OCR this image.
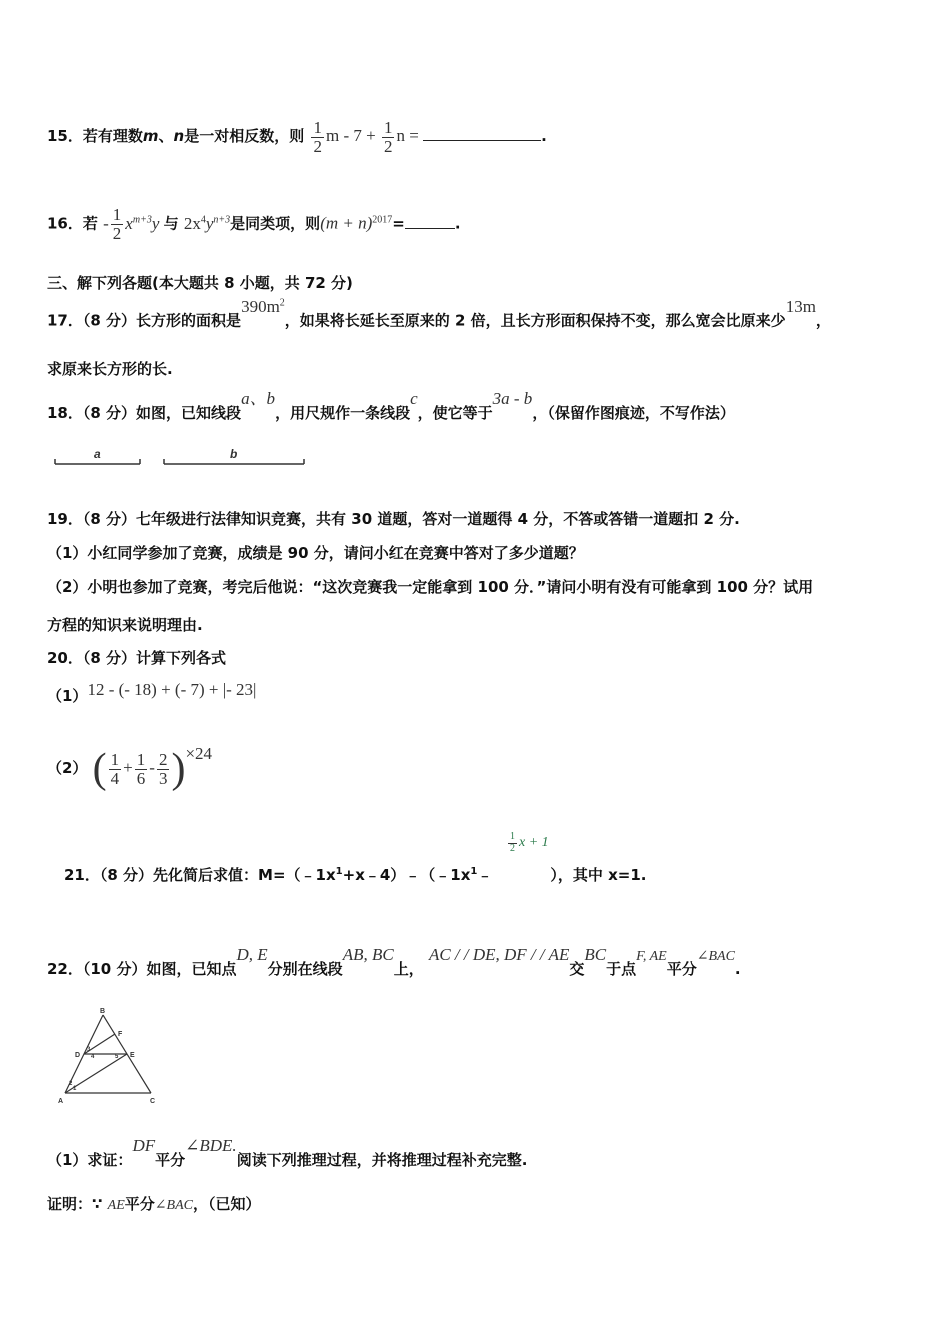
15．若有理数m、n是一对相反数，则 $\frac{1}{2}$ $m - 7 + \frac{1}{2}$ n =	.
16．若 - $\frac{1}{2} x^{m+3}y$ 与 $2x^4y^{n+3}$是同类项，则$(m + n)^{2017}=$	.
三、解下列各题(本大题共 8 小题，共 72 分)
17．（8 分）长方形的面积是$390m^2$，如果将长延长至原来的 2 倍，且长方形面积保持不变，那么宽会比原来少13m，
求原来长方形的长.
18．（8 分）如图，已知线段a、b，用尺规作一条线段c，使它等于3a - b，（保留作图痕迹，不写作法）
a	b
19．（8 分）七年级进行法律知识竞赛，共有 30 道题，答对一道题得 4 分，不答或答错一道题扣 2 分.
（1）小红同学参加了竞赛，成绩是 90 分，请问小红在竞赛中答对了多少道题？
（2）小明也参加了竞赛，考完后他说：“这次竞赛我一定能拿到 100 分．”请问小明有没有可能拿到 100 分？试用
方程的知识来说明理由.
20．（8 分）计算下列各式
（1）12 - (- 18) + (- 7) + |- 23|
（2） ( $\frac{1}{4} + \frac{1}{6} - \frac{2}{3} )\times 24$
21．（8 分）先化简后求值：$M=(﹣1x^1+x﹣4)﹣(﹣1x^1﹣$	），其中 x=1.
$\frac{1}{2}$ x + 1
22．（10 分）如图，已知点D, E分别在线段AB, BC上， AC / / DE, DF / / AE交BC于点F, AE平分∠BAC.
B
F
D	E
A	C
1
2
3
4	5
（1）求证：DF平分∠BDE.阅读下列推理过程，并将推理过程补充完整.
证明：∵ AE平分∠BAC，（已知）
